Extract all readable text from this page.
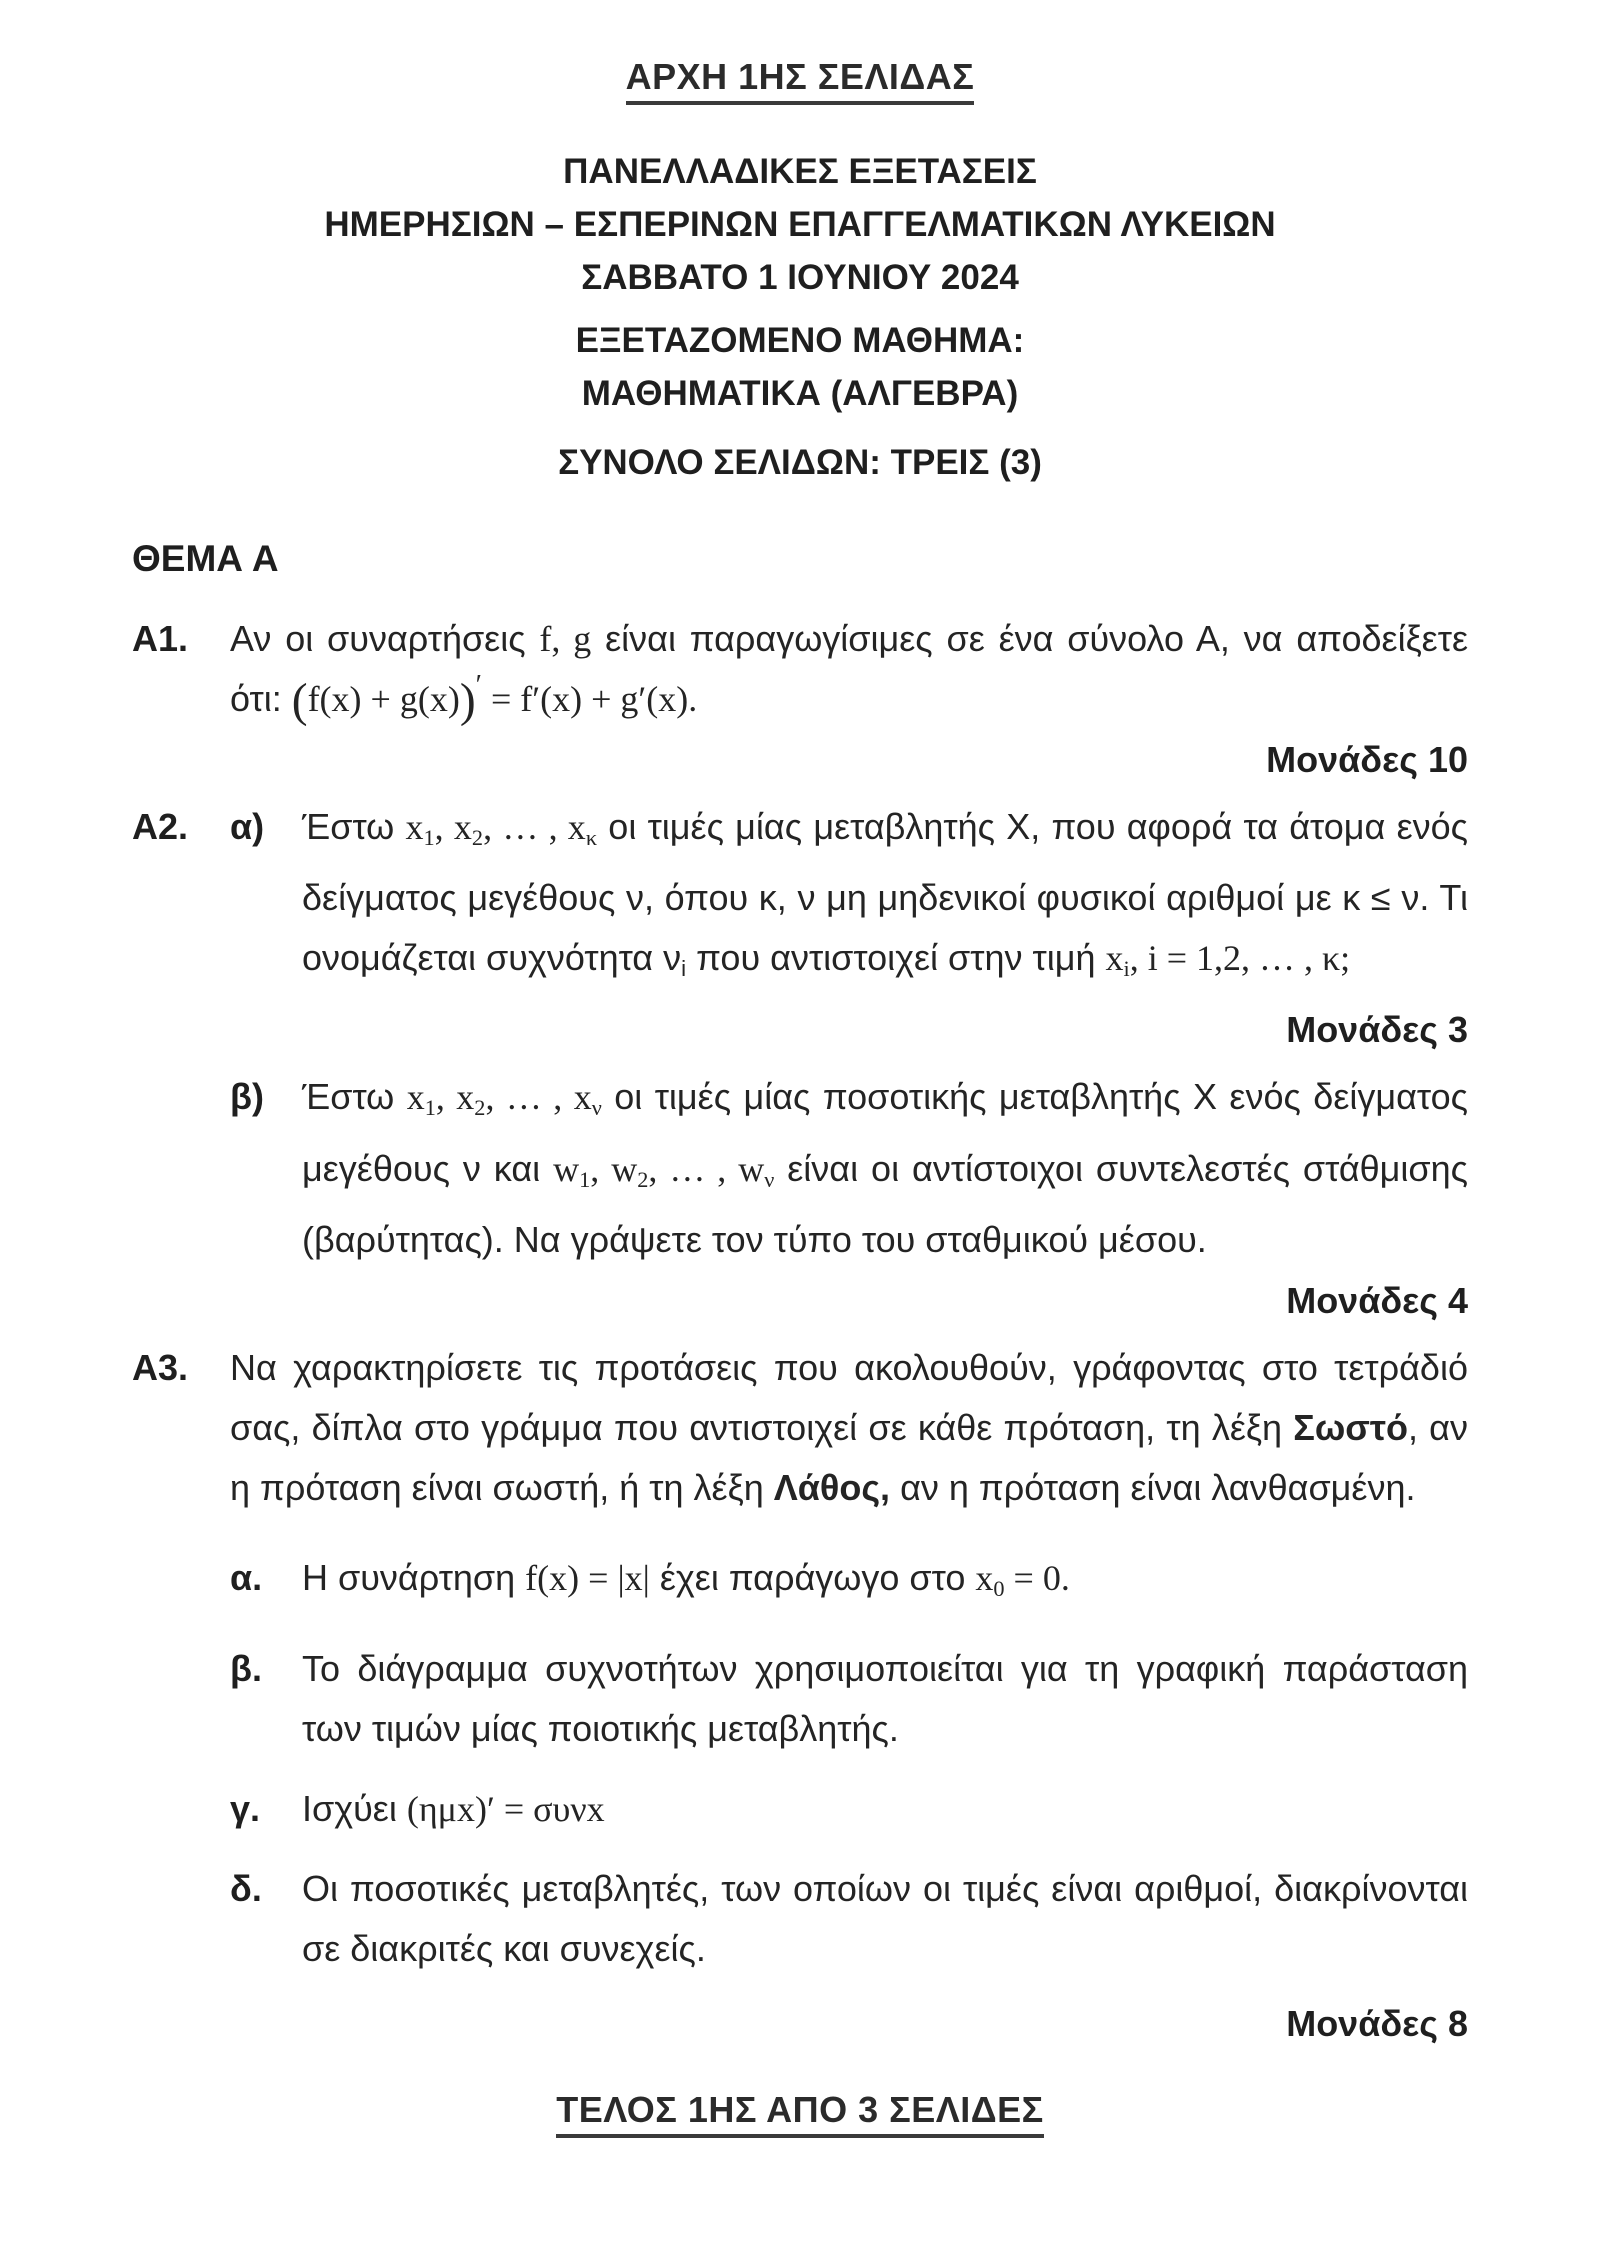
ΑΡΧΗ 1ΗΣ ΣΕΛΙΔΑΣ
ΠΑΝΕΛΛΑΔΙΚΕΣ ΕΞΕΤΑΣΕΙΣ
ΗΜΕΡΗΣΙΩΝ – ΕΣΠΕΡΙΝΩΝ ΕΠΑΓΓΕΛΜΑΤΙΚΩΝ ΛΥΚΕΙΩΝ
ΣΑΒΒΑΤΟ 1 ΙΟΥΝΙΟΥ 2024
ΕΞΕΤΑΖΟΜΕΝΟ ΜΑΘΗΜΑ:
ΜΑΘΗΜΑΤΙΚΑ (ΑΛΓΕΒΡΑ)
ΣΥΝΟΛΟ ΣΕΛΙΔΩΝ: ΤΡΕΙΣ (3)
ΘΕΜΑ Α
Α1.	Αν οι συναρτήσεις f, g είναι παραγωγίσιμες σε ένα σύνολο Α, να αποδείξετε ότι: (f(x) + g(x))′ = f′(x) + g′(x).
Μονάδες 10
Α2.	α)	Έστω $x_1$, $x_2$, … , $x_\kappa$ οι τιμές μίας μεταβλητής Χ, που αφορά τα άτομα ενός δείγματος μεγέθους ν, όπου κ, ν μη μηδενικοί φυσικοί αριθμοί με κ ≤ ν. Τι ονομάζεται συχνότητα $\nu_i$ που αντιστοιχεί στην τιμή $x_i$, i = 1,2, … , κ;
Μονάδες 3
β)	Έστω $x_1$, $x_2$, … , $x_\nu$ οι τιμές μίας ποσοτικής μεταβλητής Χ ενός δείγματος μεγέθους ν και $w_1$, $w_2$, … , $w_\nu$ είναι οι αντίστοιχοι συντελεστές στάθμισης (βαρύτητας). Να γράψετε τον τύπο του σταθμικού μέσου.
Μονάδες 4
Α3.	Να χαρακτηρίσετε τις προτάσεις που ακολουθούν, γράφοντας στο τετράδιό σας, δίπλα στο γράμμα που αντιστοιχεί σε κάθε πρόταση, τη λέξη Σωστό, αν η πρόταση είναι σωστή, ή τη λέξη Λάθος, αν η πρόταση είναι λανθασμένη.
α.	Η συνάρτηση f(x) = |x| έχει παράγωγο στο $x_0 = 0$.
β.	Το διάγραμμα συχνοτήτων χρησιμοποιείται για τη γραφική παράσταση των τιμών μίας ποιοτικής μεταβλητής.
γ.	Ισχύει (ημx)′ = συνx
δ.	Οι ποσοτικές μεταβλητές, των οποίων οι τιμές είναι αριθμοί, διακρίνονται σε διακριτές και συνεχείς.
Μονάδες 8
ΤΕΛΟΣ 1ΗΣ ΑΠΟ 3 ΣΕΛΙΔΕΣ
